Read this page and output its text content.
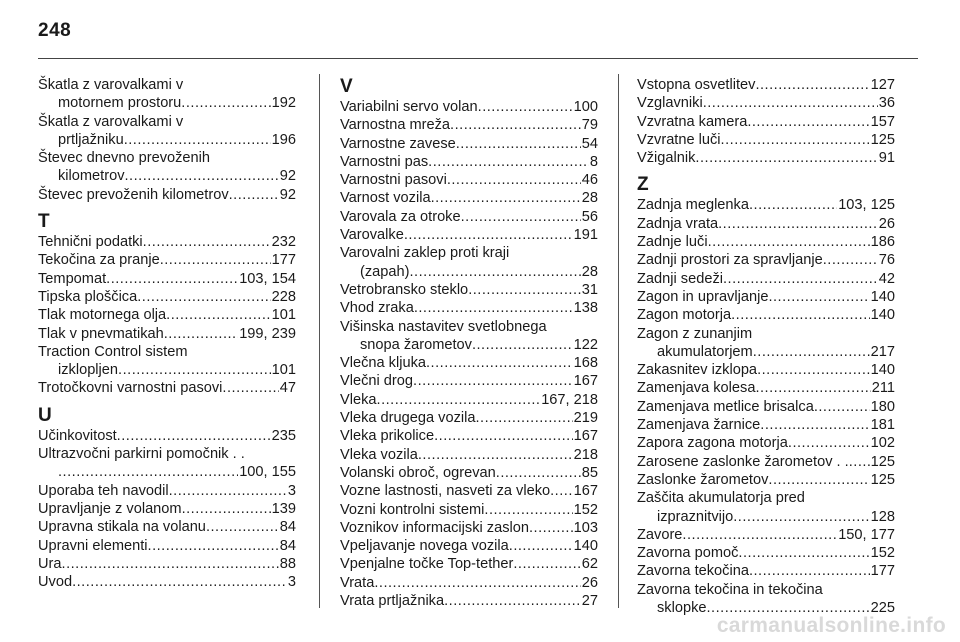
248
Škatla z varovalkami v
motornem prostoru .....	192
Škatla z varovalkami v
prtljažniku .....	196
Števec dnevno prevoženih
kilometrov .....	92
Števec prevoženih kilometrov .....	92
T
Tehnični podatki .....	232
Tekočina za pranje .....	177
Tempomat .....	103, 154
Tipska ploščica .....	228
Tlak motornega olja .....	101
Tlak v pnevmatikah .....	199, 239
Traction Control sistem
izklopljen .....	101
Trotočkovni varnostni pasovi .....	47
U
Učinkovitost .....	235
Ultrazvočni parkirni pomočnik . .
.....
100, 155
Uporaba teh navodil .....	3
Upravljanje z volanom .....	139
Upravna stikala na volanu .....	84
Upravni elementi .....	84
Ura .....	88
Uvod .....	3
V
Variabilni servo volan .....	100
Varnostna mreža .....	79
Varnostne zavese .....	54
Varnostni pas .....	8
Varnostni pasovi .....	46
Varnost vozila .....	28
Varovala za otroke .....	56
Varovalke .....	191
Varovalni zaklep proti kraji
(zapah) .....	28
Vetrobransko steklo .....	31
Vhod zraka .....	138
Višinska nastavitev svetlobnega
snopa žarometov .....	122
Vlečna kljuka .....	168
Vlečni drog .....	167
Vleka .....	167, 218
Vleka drugega vozila .....	219
Vleka prikolice .....	167
Vleka vozila .....	218
Volanski obroč, ogrevan .....	85
Vozne lastnosti, nasveti za vleko ..... 167
Vozni kontrolni sistemi .....	152
Voznikov informacijski zaslon .....	103
Vpeljavanje novega vozila .....	140
Vpenjalne točke Top-tether .....	62
Vrata .....	26
Vrata prtljažnika .....	27
Vstopna osvetlitev .....	127
Vzglavniki .....	36
Vzvratna kamera .....	157
Vzvratne luči .....	125
Vžigalnik .....	91
Z
Zadnja meglenka .....	103, 125
Zadnja vrata .....	26
Zadnje luči .....	186
Zadnji prostori za spravljanje .....	76
Zadnji sedeži .....	42
Zagon in upravljanje .....	140
Zagon motorja .....	140
Zagon z zunanjim
akumulatorjem .....	217
Zakasnitev izklopa .....	140
Zamenjava kolesa .....	211
Zamenjava metlice brisalca .....	180
Zamenjava žarnice .....	181
Zapora zagona motorja .....	102
Zarosene zaslonke žarometov . . ..... 125
Zaslonke žarometov .....	125
Zaščita akumulatorja pred
izpraznitvijo .....	128
Zavore .....	150, 177
Zavorna pomoč .....	152
Zavorna tekočina .....	177
Zavorna tekočina in tekočina
sklopke .....	225
carmanualsonline.info
